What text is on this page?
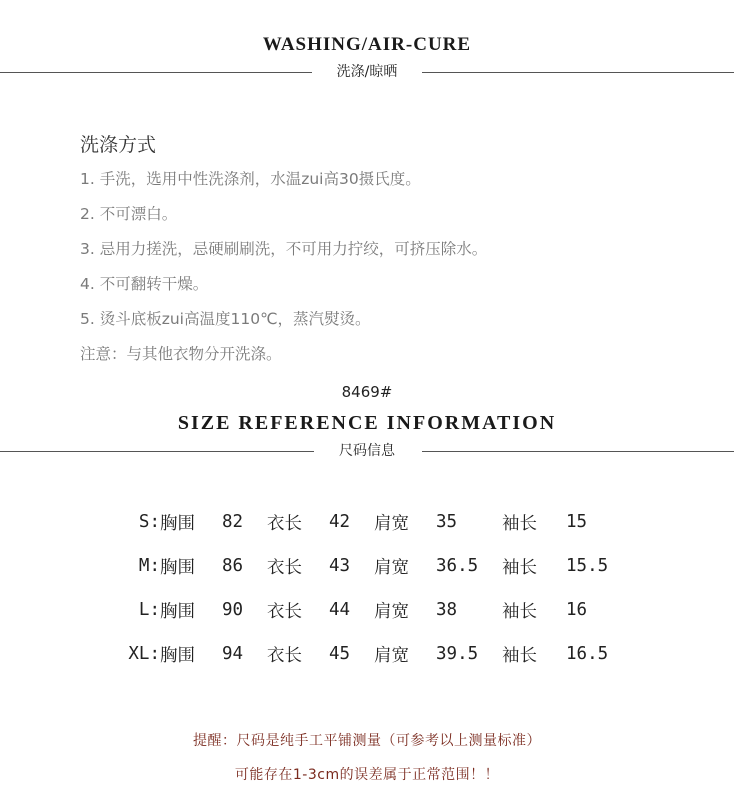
WASHING/AIR-CURE
洗涤/晾晒
洗涤方式
1. 手洗，选用中性洗涤剂，水温zui高30摄氏度。
2. 不可漂白。
3. 忌用力搓洗，忌硬刷刷洗，不可用力拧绞，可挤压除水。
4. 不可翻转干燥。
5. 烫斗底板zui高温度110℃，蒸汽熨烫。
注意：与其他衣物分开洗涤。
8469#
SIZE REFERENCE INFORMATION
尺码信息
S:	胸围	82	衣长	42	肩宽	35	袖长	15
M:	胸围	86	衣长	43	肩宽	36.5	袖长	15.5
L:	胸围	90	衣长	44	肩宽	38	袖长	16
XL:	胸围	94	衣长	45	肩宽	39.5	袖长	16.5
提醒：尺码是纯手工平铺测量（可参考以上测量标准）
可能存在1-3cm的误差属于正常范围！！
